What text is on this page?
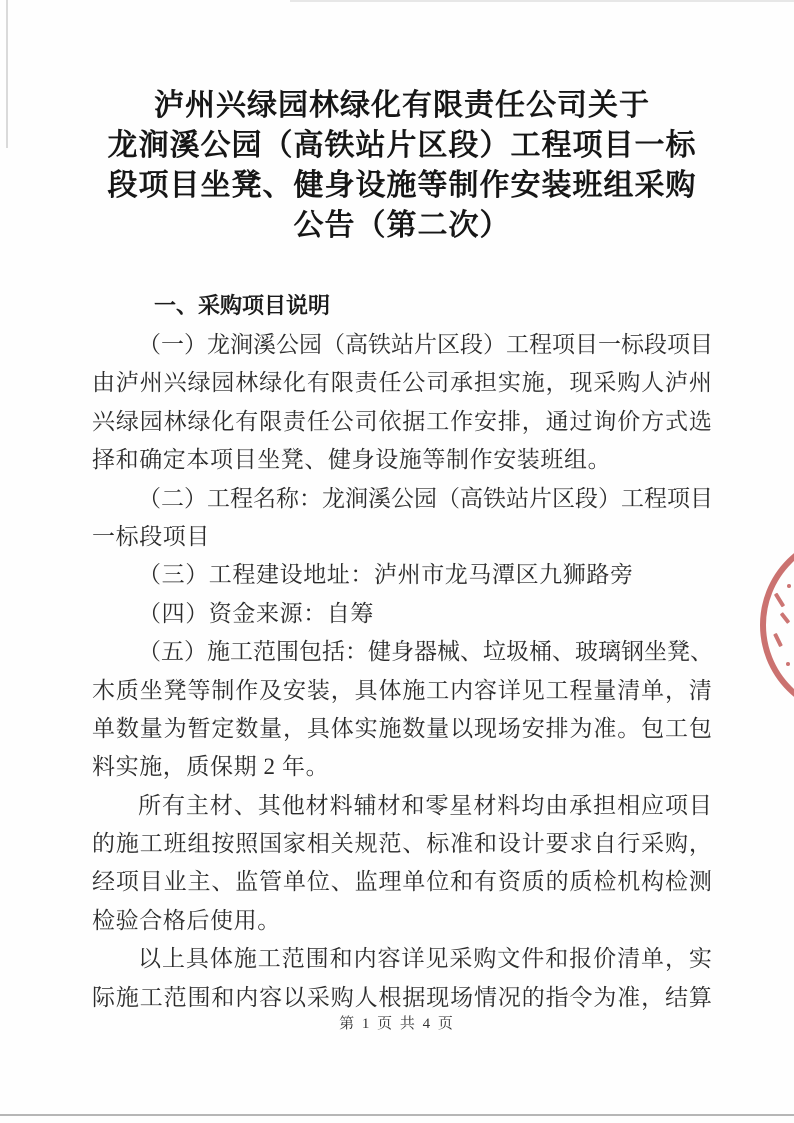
泸州兴绿园林绿化有限责任公司关于
龙涧溪公园（高铁站片区段）工程项目一标
段项目坐凳、健身设施等制作安装班组采购
公告（第二次）
一、采购项目说明
（ 一 ） 龙 涧 溪 公 园 （ 高 铁 站 片 区 段 ） 工 程 项 目 一 标 段 项 目
由 泸 州 兴 绿 园 林 绿 化 有 限 责 任 公 司 承 担 实 施 ， 现 采 购 人 泸 州
兴 绿 园 林 绿 化 有 限 责 任 公 司 依 据 工 作 安 排 ， 通 过 询 价 方 式 选
择和确定本项目坐凳、健身设施等制作安装班组。
（ 二 ） 工 程 名 称 ： 龙 涧 溪 公 园 （ 高 铁 站 片 区 段 ） 工 程 项 目
一标段项目
（三）工程建设地址：泸州市龙马潭区九狮路旁
（四）资金来源：自筹
（ 五 ） 施 工 范 围 包 括 ： 健 身 器 械 、 垃 圾 桶 、 玻 璃 钢 坐 凳 、
木 质 坐 凳 等 制 作 及 安 装 ， 具 体 施 工 内 容 详 见 工 程 量 清 单 ， 清
单 数 量 为 暂 定 数 量 ， 具 体 实 施 数 量 以 现 场 安 排 为 准 。 包 工 包
料实施，质保期 2 年。
所 有 主 材 、 其 他 材 料 辅 材 和 零 星 材 料 均 由 承 担 相 应 项 目
的 施 工 班 组 按 照 国 家 相 关 规 范 、 标 准 和 设 计 要 求 自 行 采 购 ，
经 项 目 业 主 、 监 管 单 位 、 监 理 单 位 和 有 资 质 的 质 检 机 构 检 测
检验合格后使用。
以 上 具 体 施 工 范 围 和 内 容 详 见 采 购 文 件 和 报 价 清 单 ， 实
际 施 工 范 围 和 内 容 以 采 购 人 根 据 现 场 情 况 的 指 令 为 准 ， 结 算
第 1 页 共 4 页
